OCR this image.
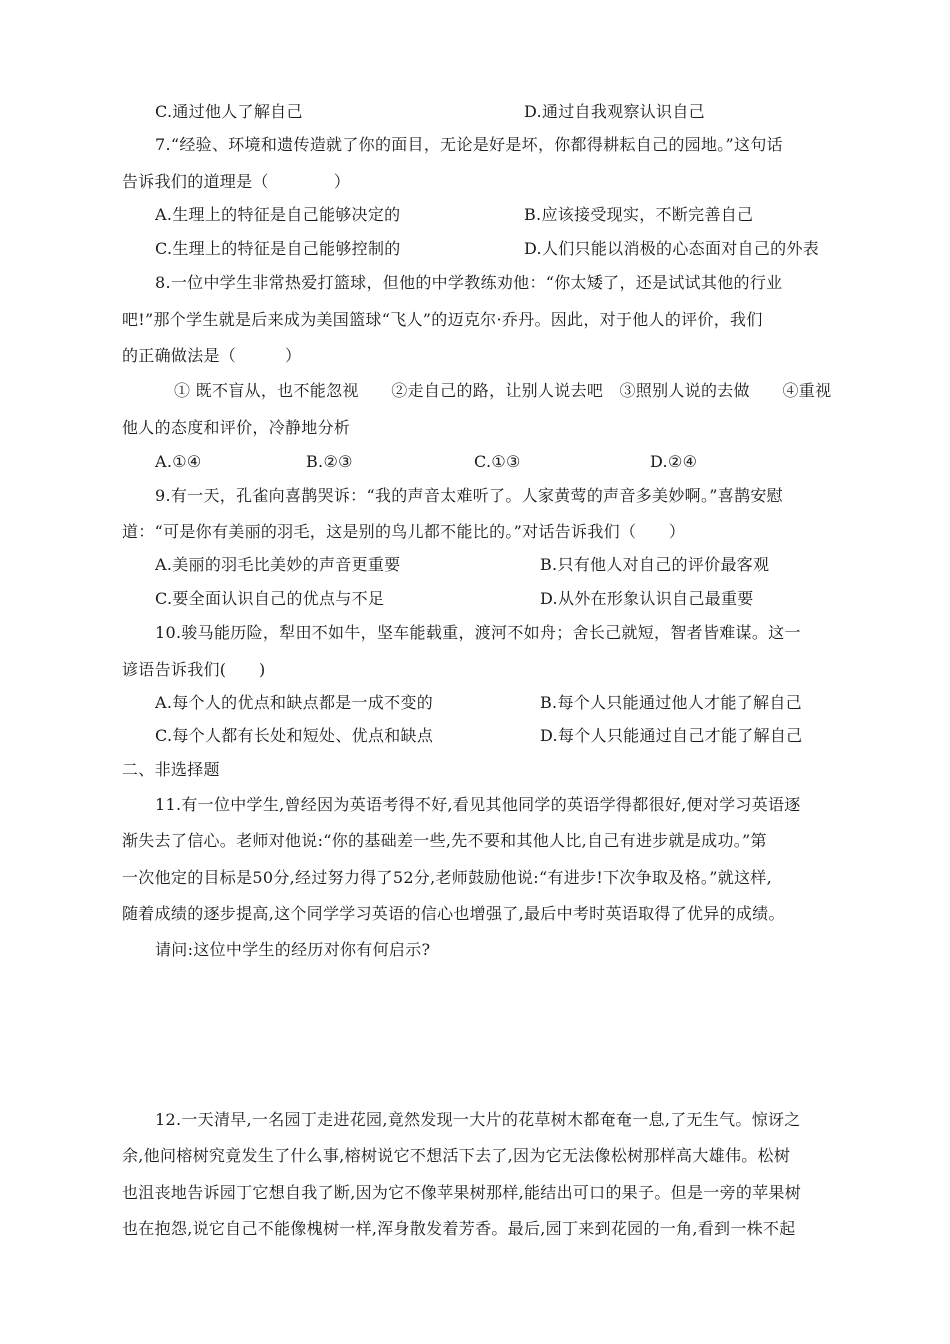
C.通过他人了解自己	D.通过自我观察认识自己
7.“经验、环境和遗传造就了你的面目，无论是好是坏，你都得耕耘自己的园地。”这句话
告诉我们的道理是（　　　　）
A.生理上的特征是自己能够决定的	B.应该接受现实，不断完善自己
C.生理上的特征是自己能够控制的	D.人们只能以消极的心态面对自己的外表
8.一位中学生非常热爱打篮球，但他的中学教练劝他：“你太矮了，还是试试其他的行业
吧!”那个学生就是后来成为美国篮球“飞人”的迈克尔·乔丹。因此，对于他人的评价，我们
的正确做法是（　　　）
① 既不盲从，也不能忽视　　②走自己的路，让别人说去吧　③照别人说的去做　　④重视
他人的态度和评价，冷静地分析
A.①④	B.②③	C.①③	D.②④
9.有一天，孔雀向喜鹊哭诉：“我的声音太难听了。人家黄莺的声音多美妙啊。”喜鹊安慰
道：“可是你有美丽的羽毛，这是别的鸟儿都不能比的。”对话告诉我们（　　）
A.美丽的羽毛比美妙的声音更重要	B.只有他人对自己的评价最客观
C.要全面认识自己的优点与不足	D.从外在形象认识自己最重要
10.骏马能历险，犁田不如牛，坚车能载重，渡河不如舟；舍长己就短，智者皆难谋。这一
谚语告诉我们(　　)
A.每个人的优点和缺点都是一成不变的	B.每个人只能通过他人才能了解自己
C.每个人都有长处和短处、优点和缺点	D.每个人只能通过自己才能了解自己
二、非选择题
11.有一位中学生,曾经因为英语考得不好,看见其他同学的英语学得都很好,便对学习英语逐
渐失去了信心。老师对他说:“你的基础差一些,先不要和其他人比,自己有进步就是成功。”第
一次他定的目标是50分,经过努力得了52分,老师鼓励他说:“有进步!下次争取及格。”就这样,
随着成绩的逐步提高,这个同学学习英语的信心也增强了,最后中考时英语取得了优异的成绩。
请问:这位中学生的经历对你有何启示?
12.一天清早,一名园丁走进花园,竟然发现一大片的花草树木都奄奄一息,了无生气。惊讶之
余,他问榕树究竟发生了什么事,榕树说它不想活下去了,因为它无法像松树那样高大雄伟。松树
也沮丧地告诉园丁它想自我了断,因为它不像苹果树那样,能结出可口的果子。但是一旁的苹果树
也在抱怨,说它自己不能像槐树一样,浑身散发着芳香。最后,园丁来到花园的一角,看到一株不起
